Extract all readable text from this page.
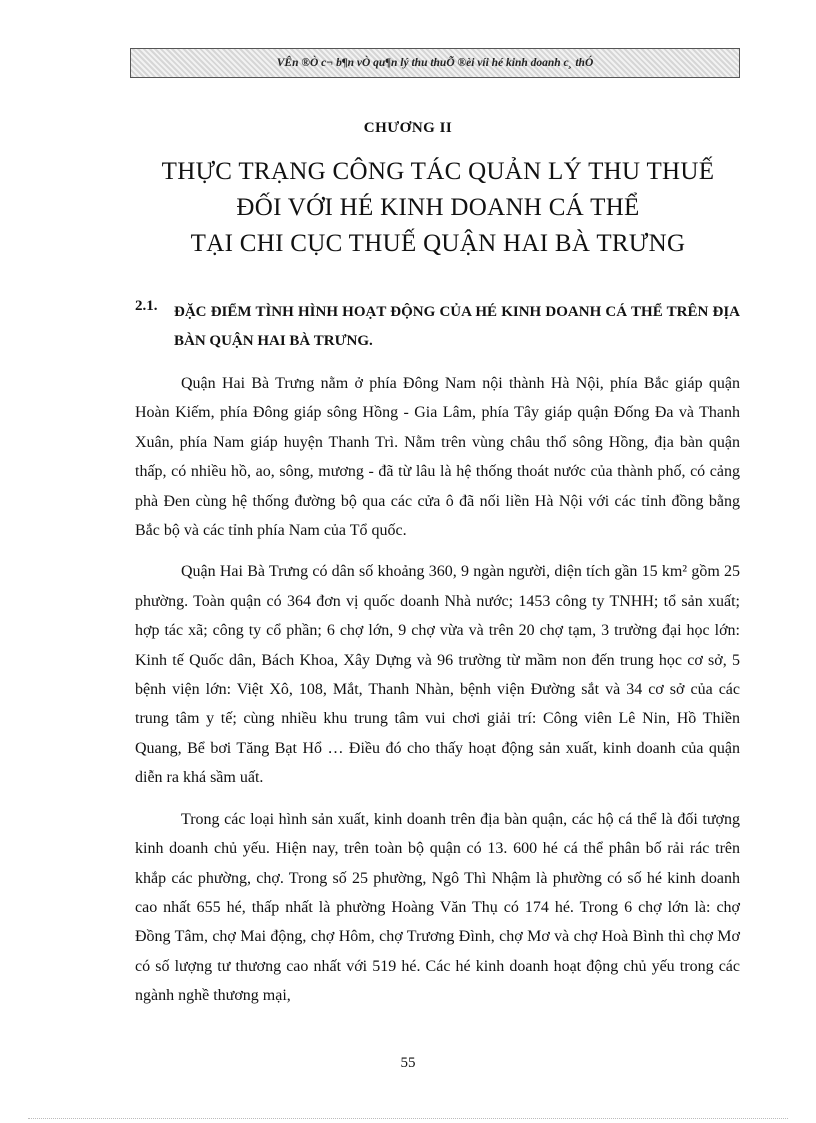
VÊn ®Ò c¬ b¶n vÒ qu¶n lý thu thuÕ ®èi víi hé kinh doanh c¸ thÓ
CHƯƠNG II
THỰC TRẠNG CÔNG TÁC QUẢN LÝ THU THUẾ
ĐỐI VỚI HÉ KINH DOANH CÁ THỂ
TẠI CHI CỤC THUẾ QUẬN HAI BÀ TRƯNG
2.1. ĐẶC ĐIỂM TÌNH HÌNH HOẠT ĐỘNG CỦA HÉ KINH DOANH CÁ THỂ TRÊN ĐỊA BÀN QUẬN HAI BÀ TRƯNG.

Quận Hai Bà Trưng nằm ở phía Đông Nam nội thành Hà Nội, phía Bắc giáp quận Hoàn Kiếm, phía Đông giáp sông Hồng - Gia Lâm, phía Tây giáp quận Đống Đa và Thanh Xuân, phía Nam giáp huyện Thanh Trì. Nằm trên vùng châu thổ sông Hồng, địa bàn quận thấp, có nhiều hồ, ao, sông, mương - đã từ lâu là hệ thống thoát nước của thành phố, có cảng phà Đen cùng hệ thống đường bộ qua các cửa ô đã nối liền Hà Nội với các tỉnh đồng bằng Bắc bộ và các tỉnh phía Nam của Tổ quốc.

Quận Hai Bà Trưng có dân số khoảng 360, 9 ngàn người, diện tích gần 15 km² gồm 25 phường. Toàn quận có 364 đơn vị quốc doanh Nhà nước; 1453 công ty TNHH; tổ sản xuất; hợp tác xã; công ty cổ phần; 6 chợ lớn, 9 chợ vừa và trên 20 chợ tạm, 3 trường đại học lớn: Kinh tế Quốc dân, Bách Khoa, Xây Dựng và 96 trường từ mầm non đến trung học cơ sở, 5 bệnh viện lớn: Việt Xô, 108, Mắt, Thanh Nhàn, bệnh viện Đường sắt và 34 cơ sở của các trung tâm y tế; cùng nhiều khu trung tâm vui chơi giải trí: Công viên Lê Nin, Hồ Thiền Quang, Bể bơi Tăng Bạt Hổ … Điều đó cho thấy hoạt động sản xuất, kinh doanh của quận diễn ra khá sầm uất.

Trong các loại hình sản xuất, kinh doanh trên địa bàn quận, các hộ cá thể là đối tượng kinh doanh chủ yếu. Hiện nay, trên toàn bộ quận có 13. 600 hé cá thể phân bố rải rác trên khắp các phường, chợ. Trong số 25 phường, Ngô Thì Nhậm là phường có số hé kinh doanh cao nhất 655 hé, thấp nhất là phường Hoàng Văn Thụ có 174 hé. Trong 6 chợ lớn là: chợ Đồng Tâm, chợ Mai động, chợ Hôm, chợ Trương Đình, chợ Mơ và chợ Hoà Bình thì chợ Mơ có số lượng tư thương cao nhất với 519 hé. Các hé kinh doanh hoạt động chủ yếu trong các ngành nghề thương mại,

55
